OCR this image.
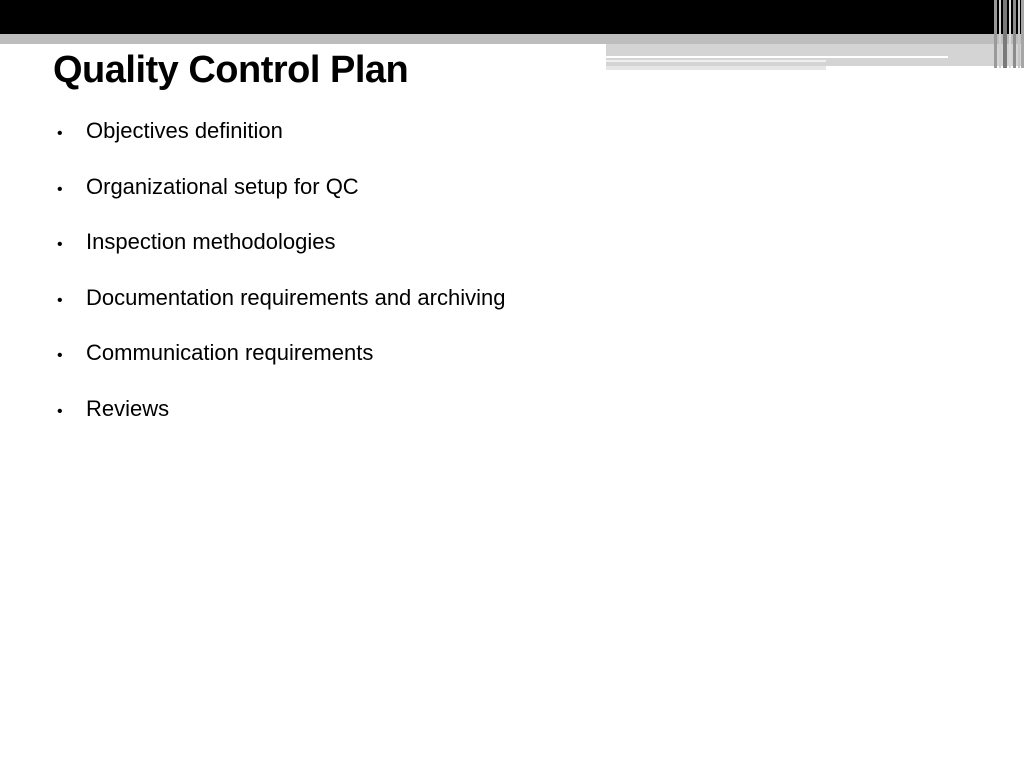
Quality Control Plan
•	Objectives definition
•	Organizational setup for QC
•	Inspection methodologies
•	Documentation requirements and archiving
•	Communication requirements
•	Reviews
